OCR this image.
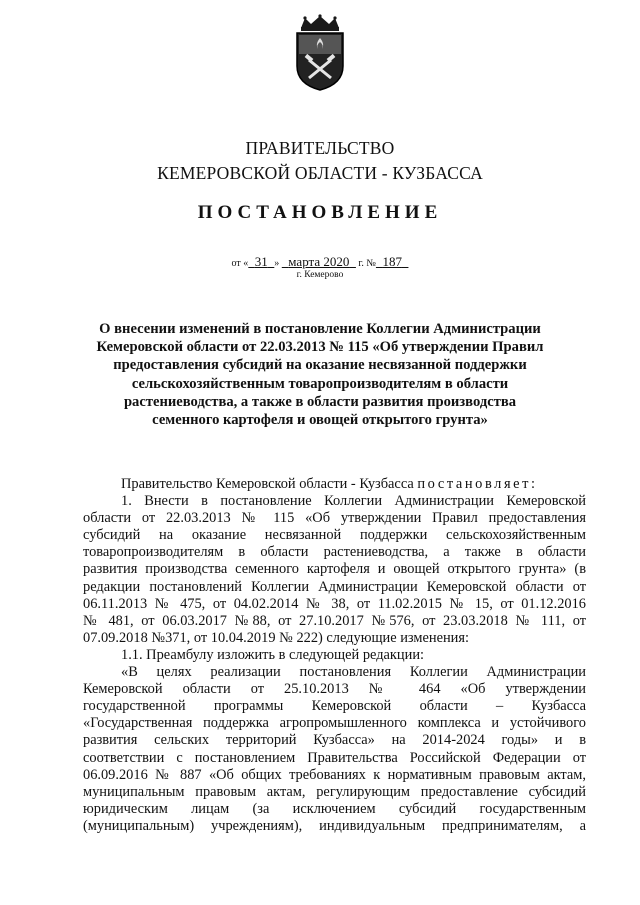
ПРАВИТЕЛЬСТВО
КЕМЕРОВСКОЙ ОБЛАСТИ - КУЗБАССА
ПОСТАНОВЛЕНИЕ
от « 31 » марта 2020 г. № 187
г. Кемерово
О внесении изменений в постановление Коллегии Администрации
Кемеровской области от 22.03.2013 № 115 «Об утверждении Правил
предоставления субсидий на оказание несвязанной поддержки
сельскохозяйственным товаропроизводителям в области
растениеводства, а также в области развития производства
семенного картофеля и овощей открытого грунта»

Правительство Кемеровской области - Кузбасса постановляет:

1. Внести в постановление Коллегии Администрации Кемеровской

области от 22.03.2013 № 115 «Об утверждении Правил предоставления

субсидий на оказание несвязанной поддержки сельскохозяйственным

товаропроизводителям в области растениеводства, а также в области

развития производства семенного картофеля и овощей открытого грунта» (в

редакции постановлений Коллегии Администрации Кемеровской области от

06.11.2013 № 475, от 04.02.2014 № 38, от 11.02.2015 № 15, от 01.12.2016

№ 481, от 06.03.2017 №88, от 27.10.2017 №576, от 23.03.2018 № 111, от

07.09.2018 №371, от 10.04.2019 № 222) следующие изменения:

1.1. Преамбулу изложить в следующей редакции:

«В целях реализации постановления Коллегии Администрации

Кемеровской области от 25.10.2013 № 464 «Об утверждении

государственной программы Кемеровской области – Кузбасса

«Государственная поддержка агропромышленного комплекса и устойчивого

развития сельских территорий Кузбасса» на 2014-2024 годы» и в

соответствии с постановлением Правительства Российской Федерации от

06.09.2016 № 887 «Об общих требованиях к нормативным правовым актам,

муниципальным правовым актам, регулирующим предоставление субсидий

юридическим лицам (за исключением субсидий государственным

(муниципальным) учреждениям), индивидуальным предпринимателям, а
